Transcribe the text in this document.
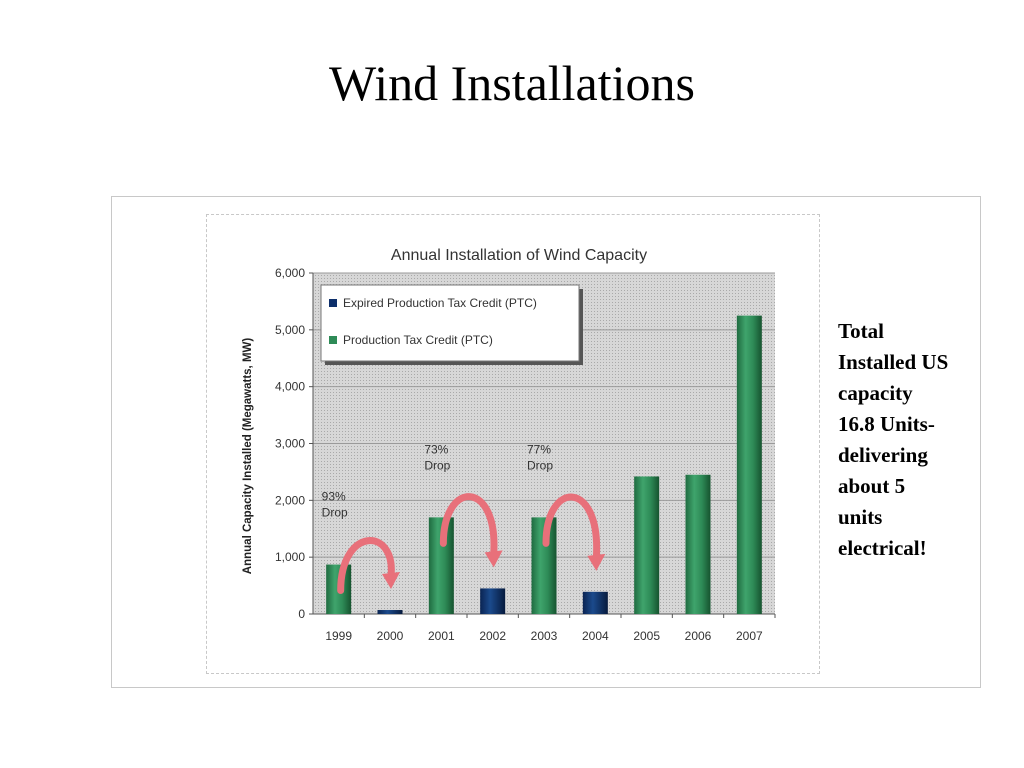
Wind Installations
Annual Installation of Wind Capacity
Annual Capacity Installed (Megawatts, MW)
0
1,000
2,000
3,000
4,000
5,000
6,000
1999 2000 2001 2002 2003 2004 2005 2006 2007
93%
Drop
73%
Drop
77%
Drop
Expired Production Tax Credit (PTC)
Production Tax Credit (PTC)	Total
Installed US
capacity
16.8 Units-
delivering
about 5
units
electrical!
